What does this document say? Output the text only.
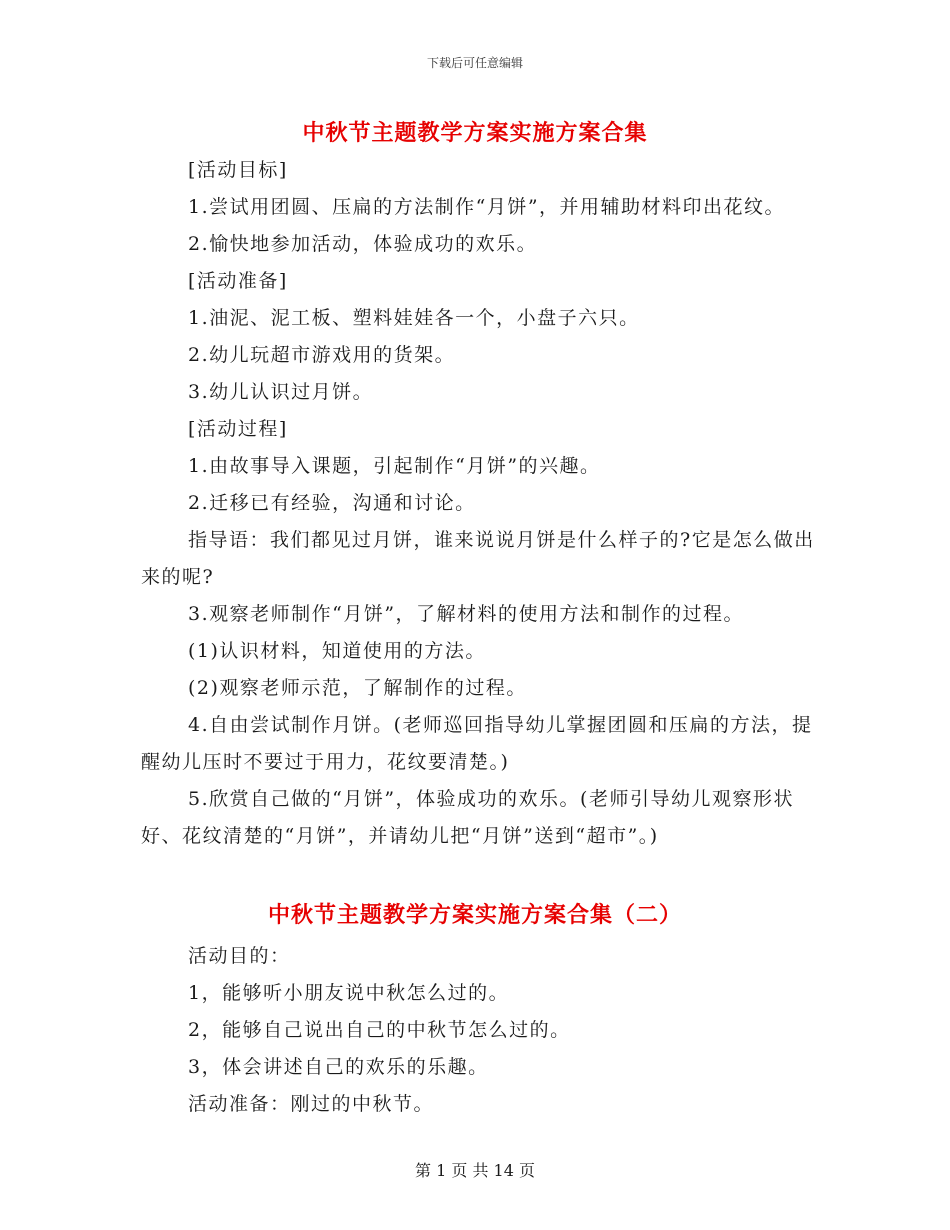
下载后可任意编辑
中秋节主题教学方案实施方案合集

[活动目标]

1.尝试用团圆、压扁的方法制作“月饼”，并用辅助材料印出花纹。

2.愉快地参加活动，体验成功的欢乐。

[活动准备]

1.油泥、泥工板、塑料娃娃各一个，小盘子六只。

2.幼儿玩超市游戏用的货架。

3.幼儿认识过月饼。

[活动过程]

1.由故事导入课题，引起制作“月饼”的兴趣。

2.迁移已有经验，沟通和讨论。

指导语：我们都见过月饼，谁来说说月饼是什么样子的?它是怎么做出来的呢?

3.观察老师制作“月饼”，了解材料的使用方法和制作的过程。

(1)认识材料，知道使用的方法。

(2)观察老师示范，了解制作的过程。

4.自由尝试制作月饼。(老师巡回指导幼儿掌握团圆和压扁的方法，提醒幼儿压时不要过于用力，花纹要清楚。)

5.欣赏自己做的“月饼”，体验成功的欢乐。(老师引导幼儿观察形状好、花纹清楚的“月饼”，并请幼儿把“月饼”送到“超市”。)

中秋节主题教学方案实施方案合集（二）

活动目的：

1，能够听小朋友说中秋怎么过的。

2，能够自己说出自己的中秋节怎么过的。

3，体会讲述自己的欢乐的乐趣。

活动准备：刚过的中秋节。

第 1 页 共 14 页
